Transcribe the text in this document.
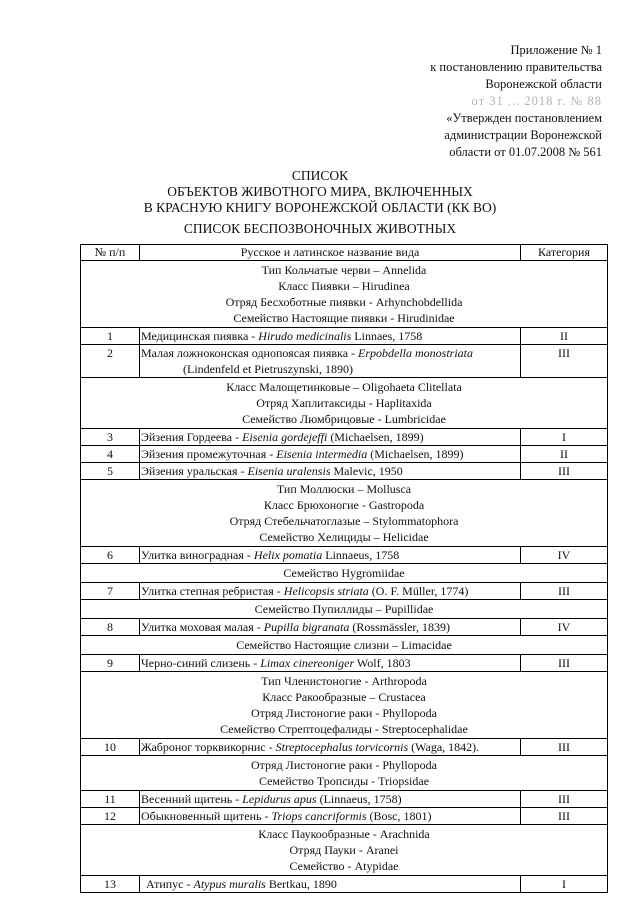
Приложение № 1
к постановлению правительства
Воронежской области
от 31 ... 2018 г. № 88
«Утвержден постановлением
администрации Воронежской
области от 01.07.2008 № 561
СПИСОК
ОБЪЕКТОВ ЖИВОТНОГО МИРА, ВКЛЮЧЕННЫХ
В КРАСНУЮ КНИГУ ВОРОНЕЖСКОЙ ОБЛАСТИ (КК ВО)
СПИСОК БЕСПОЗВОНОЧНЫХ ЖИВОТНЫХ
№ п/п	Русское и латинское название вида	Категория

Тип Кольчатые черви – Annelida
Класс Пиявки – Hirudinea
Отряд Бесхоботные пиявки - Arhynchobdellida
Семейство Настоящие пиявки - Hirudinidae		

1	Медицинская пиявка - Hirudo medicinalis Linnaes, 1758	II
2	Малая ложноконская однопоясая пиявка - Erpobdella monostriata
(Lindenfeld et Pietruszynski, 1890)	III

Класс Малощетинковые – Oligohaeta Clitellata
Отряд Хаплитаксиды - Haplitaxida
Семейство Люмбрицовые - Lumbricidae		

3	Эйзения Гордеева - Eisenia gordejeffi (Michaelsen, 1899)	I
4	Эйзения промежуточная - Eisenia intermedia (Michaelsen, 1899)	II
5	Эйзения уральская - Eisenia uralensis Malevic, 1950	III

Тип Моллюски – Mollusca
Класс Брюхоногие - Gastropoda
Отряд Стебельчатоглазые – Stylommatophora
Семейство Хелициды – Helicidae		

6	Улитка виноградная - Helix pomatia Linnaeus, 1758	IV

Семейство Hygromiidae		

7	Улитка степная ребристая - Helicopsis striata (O. F. Müller, 1774)	III

Семейство Пупиллиды – Pupillidae		

8	Улитка моховая малая - Pupilla bigranata (Rossmässler, 1839)	IV

Семейство Настоящие слизни – Limacidae		

9	Черно-синий слизень - Limax cinereoniger Wolf, 1803	III

Тип Членистоногие - Arthropoda
Класс Ракообразные – Crustacea
Отряд Листоногие раки - Phyllopoda
Семейство Стрептоцефалиды - Streptocephalidae		

10	Жаброног торквикорнис - Streptocephalus torvicornis (Waga, 1842).	III

Отряд Листоногие раки - Phyllopoda
Семейство Тропсиды - Triopsidae		

11	Весенний щитень - Lepidurus apus (Linnaeus, 1758)	III
12	Обыкновенный щитень - Triops cancriformis (Bosc, 1801)	III

Класс Паукообразные - Arachnida
Отряд Пауки - Aranei
Семейство - Atypidae		

13	Атипус - Atypus muralis Bertkau, 1890	I
